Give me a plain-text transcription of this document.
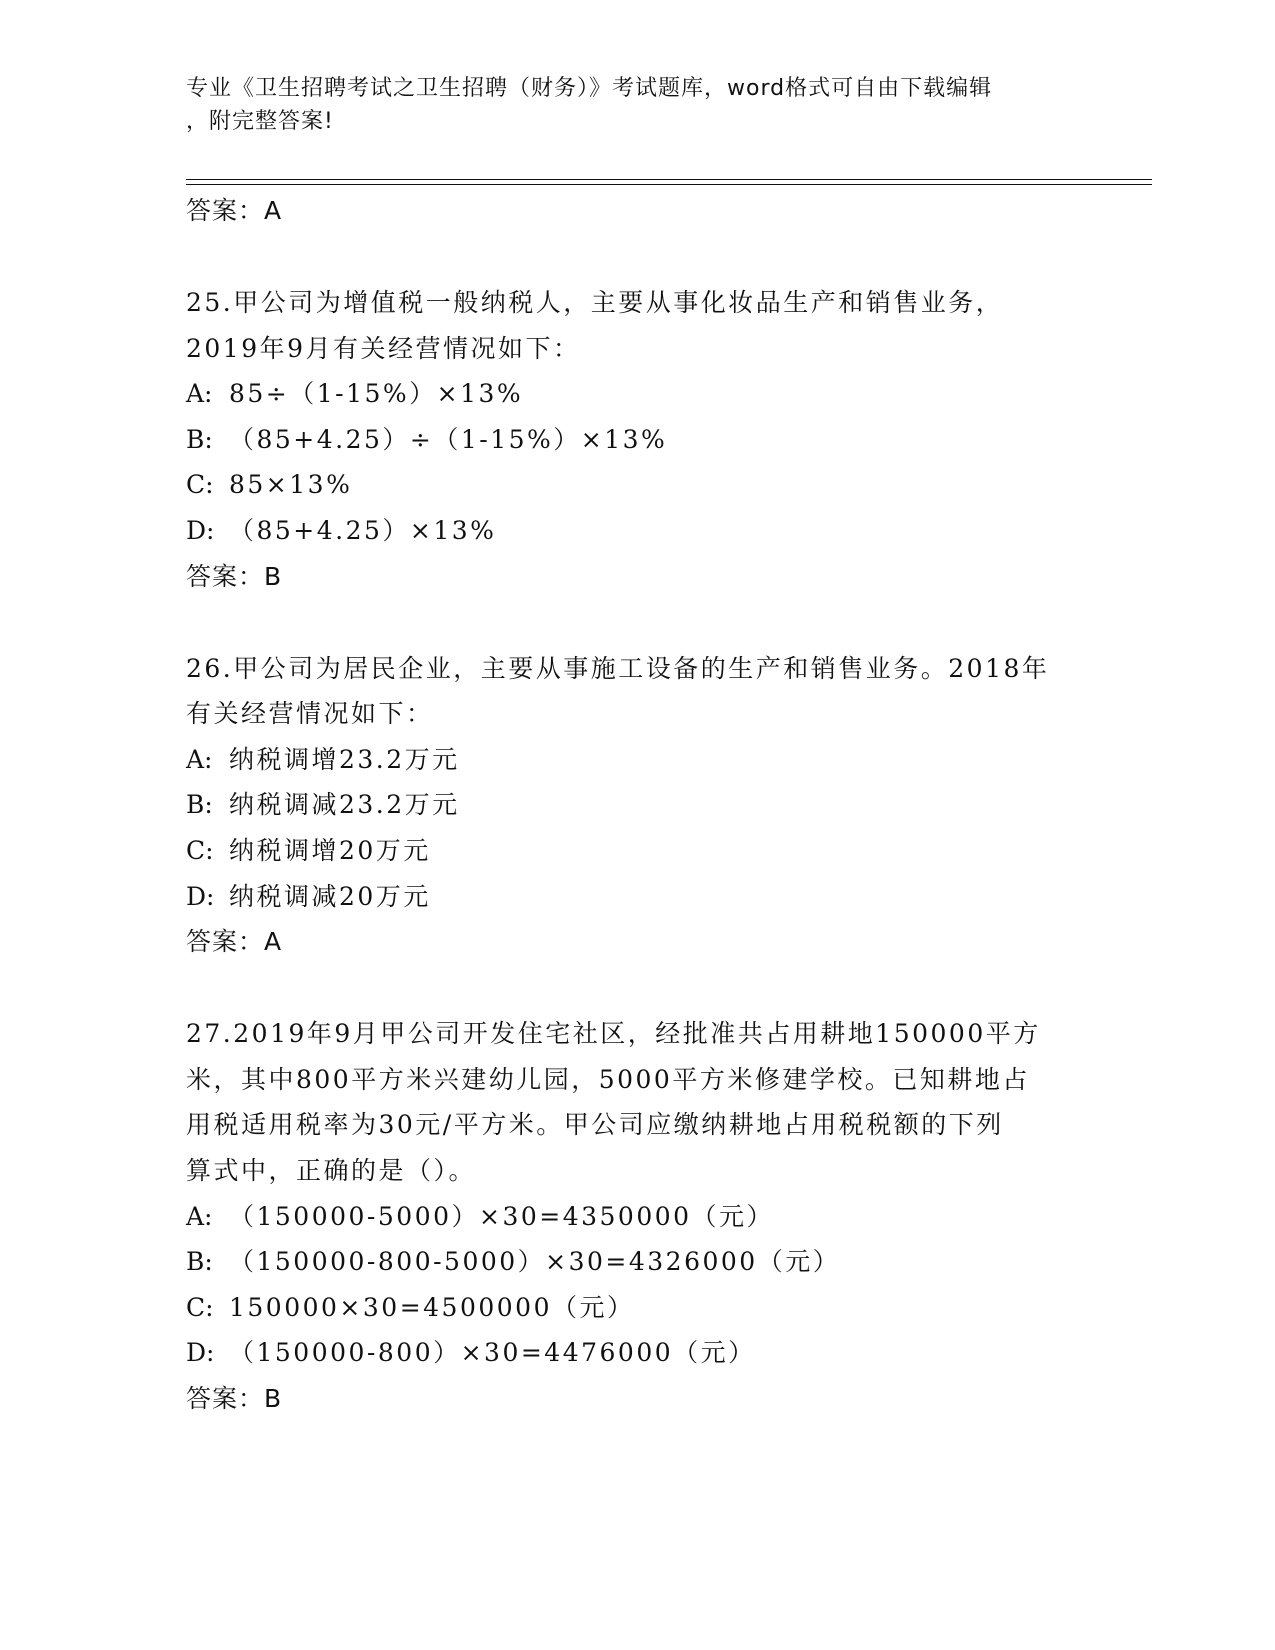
专业《卫生招聘考试之卫生招聘（财务）》考试题库，word格式可自由下载编辑
，附完整答案!
答案：A
25.甲公司为增值税一般纳税人，主要从事化妆品生产和销售业务，
2019年9月有关经营情况如下：
A: 85÷（1-15%）×13%
B: （85+4.25）÷（1-15%）×13%
C: 85×13%
D: （85+4.25）×13%
答案：B
26.甲公司为居民企业，主要从事施工设备的生产和销售业务。2018年
有关经营情况如下：
A: 纳税调增23.2万元
B: 纳税调减23.2万元
C: 纳税调增20万元
D: 纳税调减20万元
答案：A
27.2019年9月甲公司开发住宅社区，经批准共占用耕地150000平方
米，其中800平方米兴建幼儿园，5000平方米修建学校。已知耕地占
用税适用税率为30元/平方米。甲公司应缴纳耕地占用税税额的下列
算式中，正确的是（）。
A: （150000-5000）×30=4350000（元）
B: （150000-800-5000）×30=4326000（元）
C: 150000×30=4500000（元）
D: （150000-800）×30=4476000（元）
答案：B
